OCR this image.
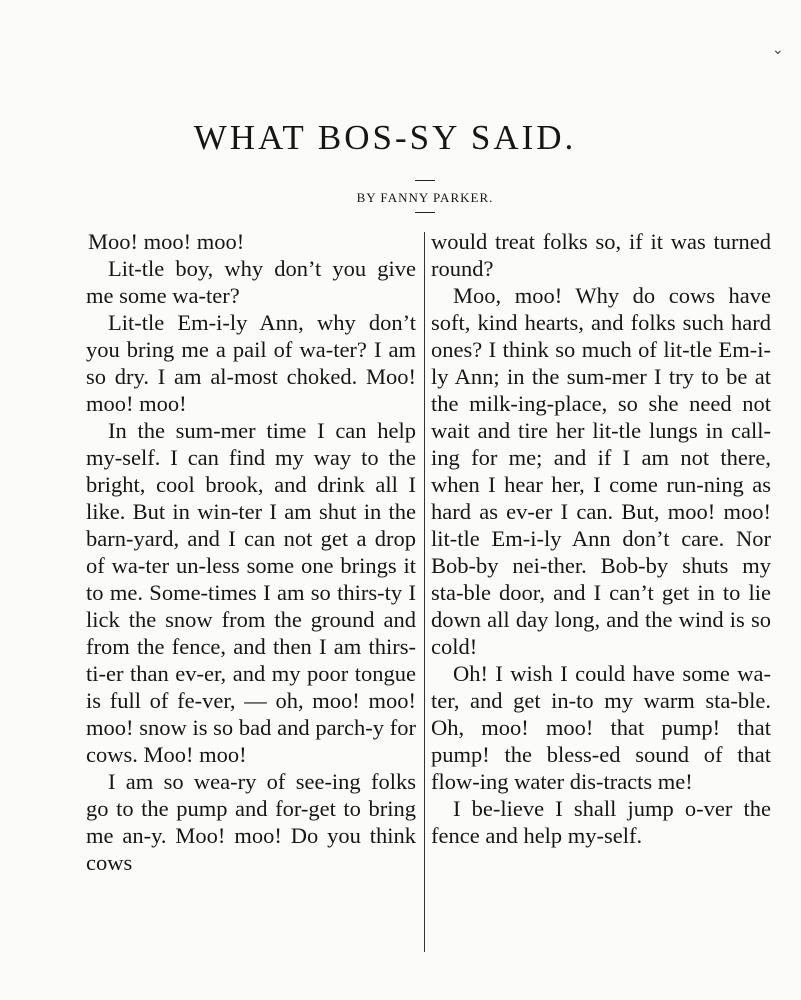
⌄
WHAT BOS-SY SAID.
BY FANNY PARKER.

Moo! moo! moo!

Lit-tle boy, why don’t you give me some wa-ter?

Lit-tle Em-i-ly Ann, why don’t you bring me a pail of wa-ter? I am so dry. I am al-most choked. Moo! moo! moo!

In the sum-mer time I can help my-self. I can find my way to the bright, cool brook, and drink all I like. But in win-ter I am shut in the barn-yard, and I can not get a drop of wa-ter un-less some one brings it to me. Some-times I am so thirs-ty I lick the snow from the ground and from the fence, and then I am thirs-ti-er than ev-er, and my poor tongue is full of fe-ver, — oh, moo! moo! moo! snow is so bad and parch-y for cows. Moo! moo!

I am so wea-ry of see-ing folks go to the pump and for-get to bring me an-y. Moo! moo! Do you think cows

would treat folks so, if it was turned round?

Moo, moo! Why do cows have soft, kind hearts, and folks such hard ones? I think so much of lit-tle Em-i-ly Ann; in the sum-mer I try to be at the milk-ing-place, so she need not wait and tire her lit-tle lungs in call-ing for me; and if I am not there, when I hear her, I come run-ning as hard as ev-er I can. But, moo! moo! lit-tle Em-i-ly Ann don’t care. Nor Bob-by nei-ther. Bob-by shuts my sta-ble door, and I can’t get in to lie down all day long, and the wind is so cold!

Oh! I wish I could have some wa-ter, and get in-to my warm sta-ble. Oh, moo! moo! that pump! that pump! the bless-ed sound of that flow-ing water dis-tracts me!

I be-lieve I shall jump o-ver the fence and help my-self.
